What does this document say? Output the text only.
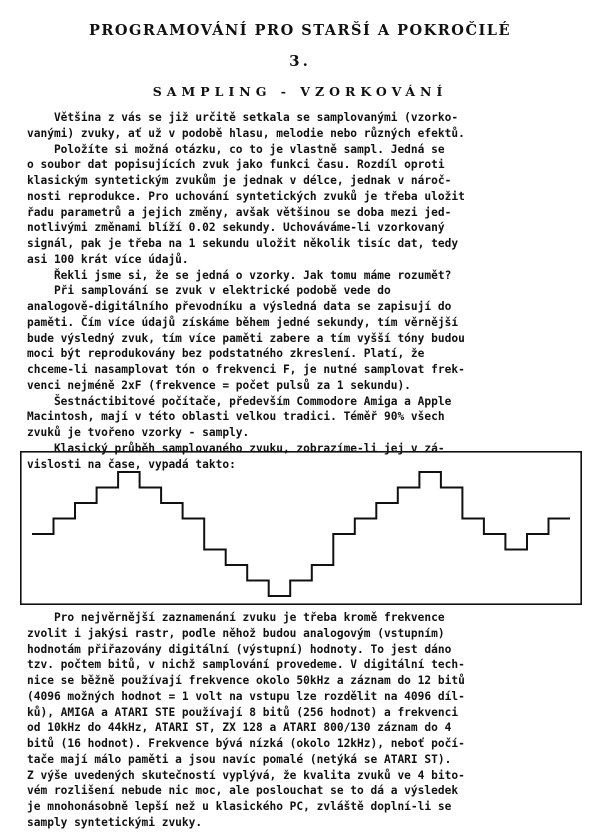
PROGRAMOVÁNÍ PRO STARŠÍ A POKROČILÉ
3.
SAMPLING - VZORKOVÁNÍ
Většina z vás se již určitě setkala se samplovanými (vzorko-
vanými) zvuky, ať už v podobě hlasu, melodie nebo různých efektů.
Položíte si možná otázku, co to je vlastně sampl. Jedná se
o soubor dat popisujících zvuk jako funkci času. Rozdíl oproti
klasickým syntetickým zvukům je jednak v délce, jednak v nároč-
nosti reprodukce. Pro uchování syntetických zvuků je třeba uložit
řadu parametrů a jejich změny, avšak většinou se doba mezi jed-
notlivými změnami blíží 0.02 sekundy. Uchováváme-li vzorkovaný
signál, pak je třeba na 1 sekundu uložit několik tisíc dat, tedy
asi 100 krát více údajů.
Řekli jsme si, že se jedná o vzorky. Jak tomu máme rozumět?
Při samplování se zvuk v elektrické podobě vede do
analogově-digitálního převodníku a výsledná data se zapisují do
paměti. Čím více údajů získáme během jedné sekundy, tím věrnější
bude výsledný zvuk, tím více paměti zabere a tím vyšší tóny budou
moci být reprodukovány bez podstatného zkreslení. Platí, že
chceme-li nasamplovat tón o frekvenci F, je nutné samplovat frek-
venci nejméně 2xF (frekvence = počet pulsů za 1 sekundu).
Šestnáctibitové počítače, především Commodore Amiga a Apple
Macintosh, mají v této oblasti velkou tradici. Téměř 90% všech
zvuků je tvořeno vzorky - samply.
Klasický průběh samplovaného zvuku, zobrazíme-li jej v zá-
vislosti na čase, vypadá takto:
Pro nejvěrnější zaznamenání zvuku je třeba kromě frekvence
zvolit i jakýsi rastr, podle něhož budou analogovým (vstupním)
hodnotám přiřazovány digitální (výstupní) hodnoty. To jest dáno
tzv. počtem bitů, v nichž samplování provedeme. V digitální tech-
nice se běžně používají frekvence okolo 50kHz a záznam do 12 bitů
(4096 možných hodnot = 1 volt na vstupu lze rozdělit na 4096 díl-
ků), AMIGA a ATARI STE používají 8 bitů (256 hodnot) a frekvenci
od 10kHz do 44kHz, ATARI ST, ZX 128 a ATARI 800/130 záznam do 4
bitů (16 hodnot). Frekvence bývá nízká (okolo 12kHz), neboť počí-
tače mají málo paměti a jsou navíc pomalé (netýká se ATARI ST).
Z výše uvedených skutečností vyplývá, že kvalita zvuků ve 4 bito-
vém rozlišení nebude nic moc, ale poslouchat se to dá a výsledek
je mnohonásobně lepší než u klasického PC, zvláště doplní-li se
samply syntetickými zvuky.
